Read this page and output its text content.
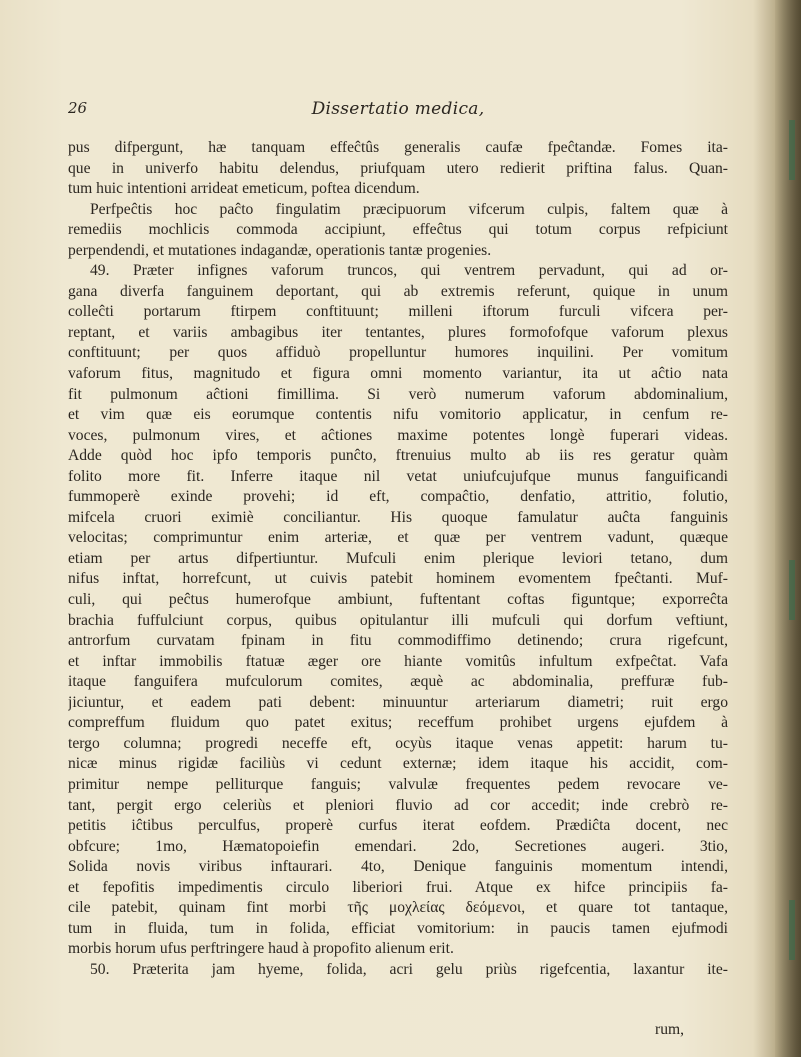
Dissertatio medica,
26
pus difpergunt, hæ tanquam effeĉtûs generalis caufæ fpeĉtandæ. Fomes ita-
que in univerfo habitu delendus, priufquam utero redierit priftina falus. Quan-
tum huic intentioni arrideat emeticum, poftea dicendum.
Perfpeĉtis hoc paĉto fingulatim præcipuorum vifcerum culpis, faltem quæ à
remediis mochlicis commoda accipiunt, effeĉtus qui totum corpus refpiciunt
perpendendi, et mutationes indagandæ, operationis tantæ progenies.
49. Præter infignes vaforum truncos, qui ventrem pervadunt, qui ad or-
gana diverfa fanguinem deportant, qui ab extremis referunt, quique in unum
colleĉti portarum ftirpem conftituunt; milleni iftorum furculi vifcera per-
reptant, et variis ambagibus iter tentantes, plures formofofque vaforum plexus
conftituunt; per quos affiduò propelluntur humores inquilini. Per vomitum
vaforum fitus, magnitudo et figura omni momento variantur, ita ut aĉtio nata
fit pulmonum aĉtioni fimillima. Si verò numerum vaforum abdominalium,
et vim quæ eis eorumque contentis nifu vomitorio applicatur, in cenfum re-
voces, pulmonum vires, et aĉtiones maxime potentes longè fuperari videas.
Adde quòd hoc ipfo temporis punĉto, ftrenuius multo ab iis res geratur quàm
folito more fit. Inferre itaque nil vetat uniufcujufque munus fanguificandi
fummoperè exinde provehi; id eft, compaĉtio, denfatio, attritio, folutio,
mifcela cruori eximiè conciliantur. His quoque famulatur auĉta fanguinis
velocitas; comprimuntur enim arteriæ, et quæ per ventrem vadunt, quæque
etiam per artus difpertiuntur. Mufculi enim plerique leviori tetano, dum
nifus inftat, horrefcunt, ut cuivis patebit hominem evomentem fpeĉtanti. Muf-
culi, qui peĉtus humerofque ambiunt, fuftentant coftas figuntque; exporreĉta
brachia fuffulciunt corpus, quibus opitulantur illi mufculi qui dorfum veftiunt,
antrorfum curvatam fpinam in fitu commodiffimo detinendo; crura rigefcunt,
et inftar immobilis ftatuæ æger ore hiante vomitûs infultum exfpeĉtat. Vafa
itaque fanguifera mufculorum comites, æquè ac abdominalia, preffuræ fub-
jiciuntur, et eadem pati debent: minuuntur arteriarum diametri; ruit ergo
compreffum fluidum quo patet exitus; receffum prohibet urgens ejufdem à
tergo columna; progredi neceffe eft, ocyùs itaque venas appetit: harum tu-
nicæ minus rigidæ faciliùs vi cedunt externæ; idem itaque his accidit, com-
primitur nempe pelliturque fanguis; valvulæ frequentes pedem revocare ve-
tant, pergit ergo celeriùs et pleniori fluvio ad cor accedit; inde crebrò re-
petitis iĉtibus perculfus, properè curfus iterat eofdem. Prædiĉta docent, nec
obfcure; 1mo, Hæmatopoiefin emendari. 2do, Secretiones augeri. 3tio,
Solida novis viribus inftaurari. 4to, Denique fanguinis momentum intendi,
et fepofitis impedimentis circulo liberiori frui. Atque ex hifce principiis fa-
cile patebit, quinam fint morbi τῆς μοχλείας δεόμενοι, et quare tot tantaque,
tum in fluida, tum in folida, efficiat vomitorium: in paucis tamen ejufmodi
morbis horum ufus perftringere haud à propofito alienum erit.
50. Præterita jam hyeme, folida, acri gelu priùs rigefcentia, laxantur ite-
rum,
